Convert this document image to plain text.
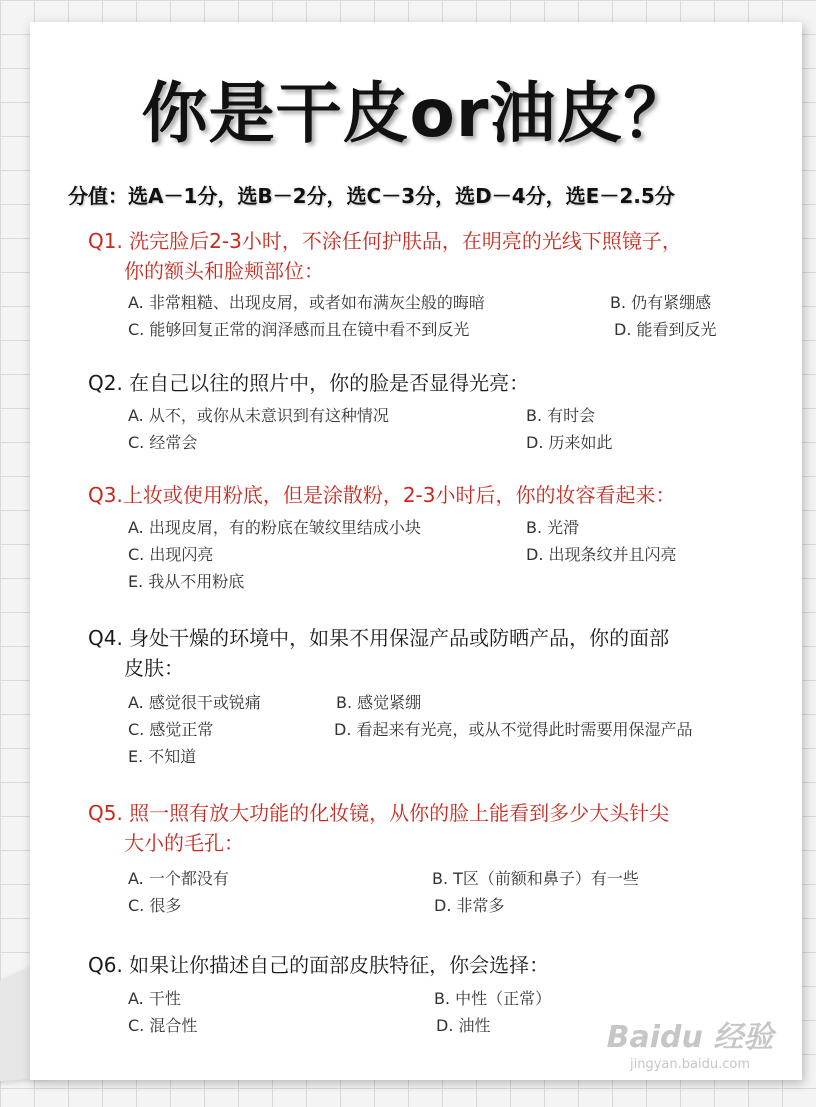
你是干皮or油皮？
分值：选A－1分，选B－2分，选C－3分，选D－4分，选E－2.5分
Q1. 洗完脸后2-3小时，不涂任何护肤品，在明亮的光线下照镜子，
你的额头和脸颊部位：
A. 非常粗糙、出现皮屑，或者如布满灰尘般的晦暗	B. 仍有紧绷感
C. 能够回复正常的润泽感而且在镜中看不到反光	D. 能看到反光
Q2. 在自己以往的照片中，你的脸是否显得光亮：
A. 从不，或你从未意识到有这种情况	B. 有时会
C. 经常会	D. 历来如此
Q3.上妆或使用粉底，但是涂散粉，2-3小时后，你的妆容看起来：
A. 出现皮屑，有的粉底在皱纹里结成小块	B. 光滑
C. 出现闪亮	D. 出现条纹并且闪亮
E. 我从不用粉底
Q4. 身处干燥的环境中，如果不用保湿产品或防晒产品，你的面部
皮肤：
A. 感觉很干或锐痛	B. 感觉紧绷
C. 感觉正常	D. 看起来有光亮，或从不觉得此时需要用保湿产品
E. 不知道
Q5. 照一照有放大功能的化妆镜，从你的脸上能看到多少大头针尖
大小的毛孔：
A. 一个都没有	B. T区（前额和鼻子）有一些
C. 很多	D. 非常多
Q6. 如果让你描述自己的面部皮肤特征，你会选择：
A. 干性	B. 中性（正常）
C. 混合性	D. 油性	Baidu 经验
jingyan.baidu.com
